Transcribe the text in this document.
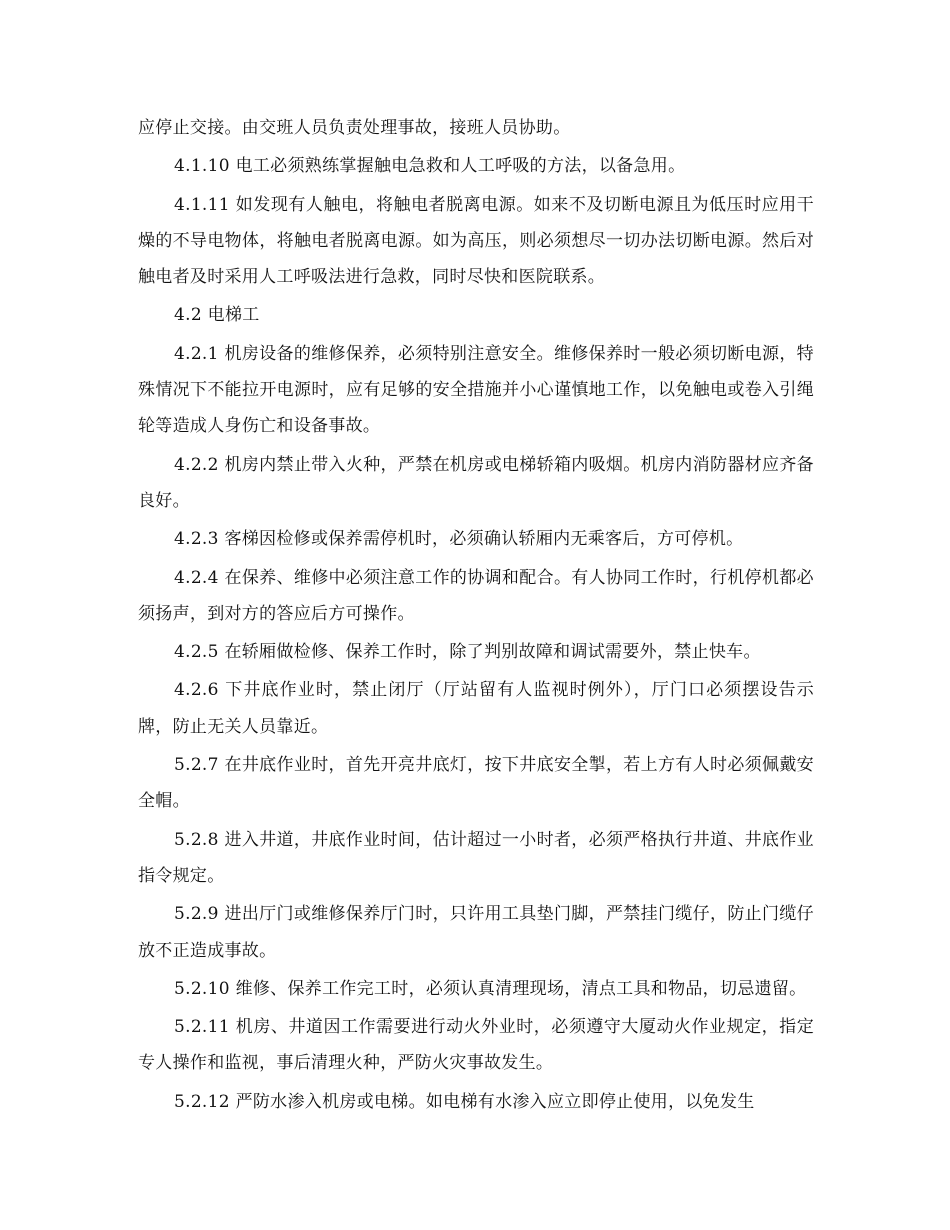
应停止交接。由交班人员负责处理事故，接班人员协助。

4.1.10 电工必须熟练掌握触电急救和人工呼吸的方法，以备急用。

4.1.11 如发现有人触电，将触电者脱离电源。如来不及切断电源且为低压时应用干燥的不导电物体，将触电者脱离电源。如为高压，则必须想尽一切办法切断电源。然后对触电者及时采用人工呼吸法进行急救，同时尽快和医院联系。

4.2 电梯工

4.2.1 机房设备的维修保养，必须特别注意安全。维修保养时一般必须切断电源，特殊情况下不能拉开电源时，应有足够的安全措施并小心谨慎地工作，以免触电或卷入引绳轮等造成人身伤亡和设备事故。

4.2.2 机房内禁止带入火种，严禁在机房或电梯轿箱内吸烟。机房内消防器材应齐备良好。

4.2.3 客梯因检修或保养需停机时，必须确认轿厢内无乘客后，方可停机。

4.2.4 在保养、维修中必须注意工作的协调和配合。有人协同工作时，行机停机都必须扬声，到对方的答应后方可操作。

4.2.5 在轿厢做检修、保养工作时，除了判别故障和调试需要外，禁止快车。

4.2.6 下井底作业时，禁止闭厅（厅站留有人监视时例外），厅门口必须摆设告示牌，防止无关人员靠近。

5.2.7 在井底作业时，首先开亮井底灯，按下井底安全掣，若上方有人时必须佩戴安全帽。

5.2.8 进入井道，井底作业时间，估计超过一小时者，必须严格执行井道、井底作业指令规定。

5.2.9 进出厅门或维修保养厅门时，只许用工具垫门脚，严禁挂门缆仔，防止门缆仔放不正造成事故。

5.2.10 维修、保养工作完工时，必须认真清理现场，清点工具和物品，切忌遗留。

5.2.11 机房、井道因工作需要进行动火外业时，必须遵守大厦动火作业规定，指定专人操作和监视，事后清理火种，严防火灾事故发生。

5.2.12 严防水渗入机房或电梯。如电梯有水渗入应立即停止使用，以免发生
